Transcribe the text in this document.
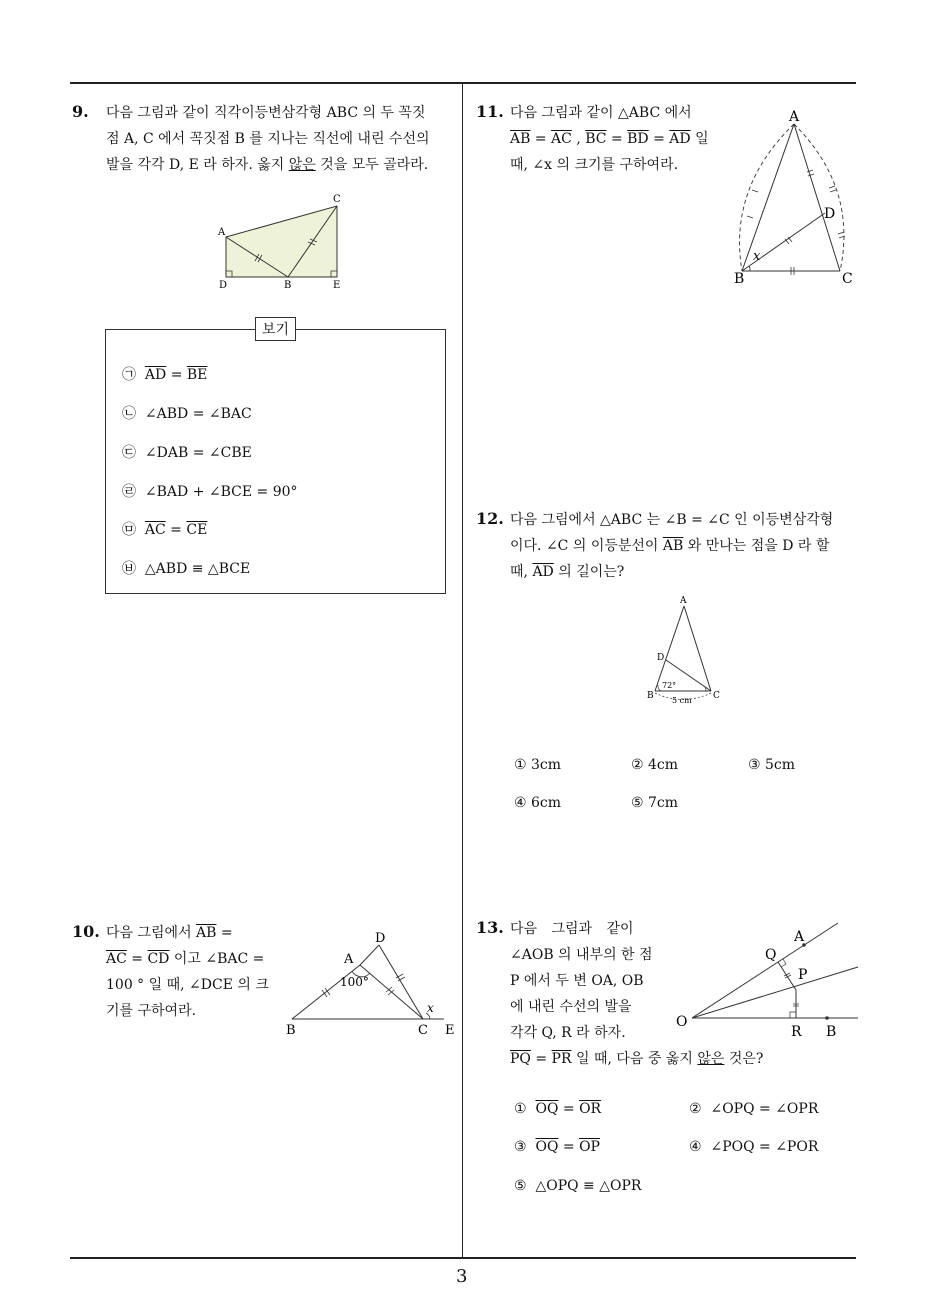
3
9. 다음 그림과 같이 직각이등변삼각형 ABC 의 두 꼭짓
점 A, C 에서 꼭짓점 B 를 지나는 직선에 내린 수선의
발을 각각 D, E 라 하자. 옳지 않은 것을 모두 골라라.
A
C
D	B	E
보기
㉠ $\overline{AD} = \overline{BE}$
㉡ ∠ABD = ∠BAC
㉢ ∠DAB = ∠CBE
㉣ ∠BAD + ∠BCE = 90°
㉤ $\overline{AC} = \overline{CE}$
㉥ △ABD ≡ △BCE
10. 다음 그림에서 $\overline{AB}$ =
$\overline{AC} = \overline{CD}$ 이고 ∠BAC =
100 ° 일 때, ∠DCE 의 크
기를 구하여라.
D
A
100°
x
B	C E
11. 다음 그림과 같이 △ABC 에서
$\overline{AB} = \overline{AC}$ , $\overline{BC} = \overline{BD} = \overline{AD}$ 일
때, ∠x 의 크기를 구하여라.
A
D
x
B	C
12. 다음 그림에서 △ABC 는 ∠B = ∠C 인 이등변삼각형
이다. ∠C 의 이등분선이 $\overline{AB}$ 와 만나는 점을 D 라 할
때, $\overline{AD}$ 의 길이는?
A
D
72°
B	C
5 cm
① 3cm	② 4cm	③ 5cm
④ 6cm	⑤ 7cm
13. 다음 그림과 같이
∠AOB 의 내부의 한 점
P 에서 두 변 OA, OB
에 내린 수선의 발을
각각 Q, R 라 하자.
$\overline{PQ} = \overline{PR}$ 일 때, 다음 중 옳지 않은 것은?
A
Q
P
O
R B
① $\overline{OQ} = \overline{OR}$	② ∠OPQ = ∠OPR
③ $\overline{OQ} = \overline{OP}$	④ ∠POQ = ∠POR
⑤ △OPQ ≡ △OPR
